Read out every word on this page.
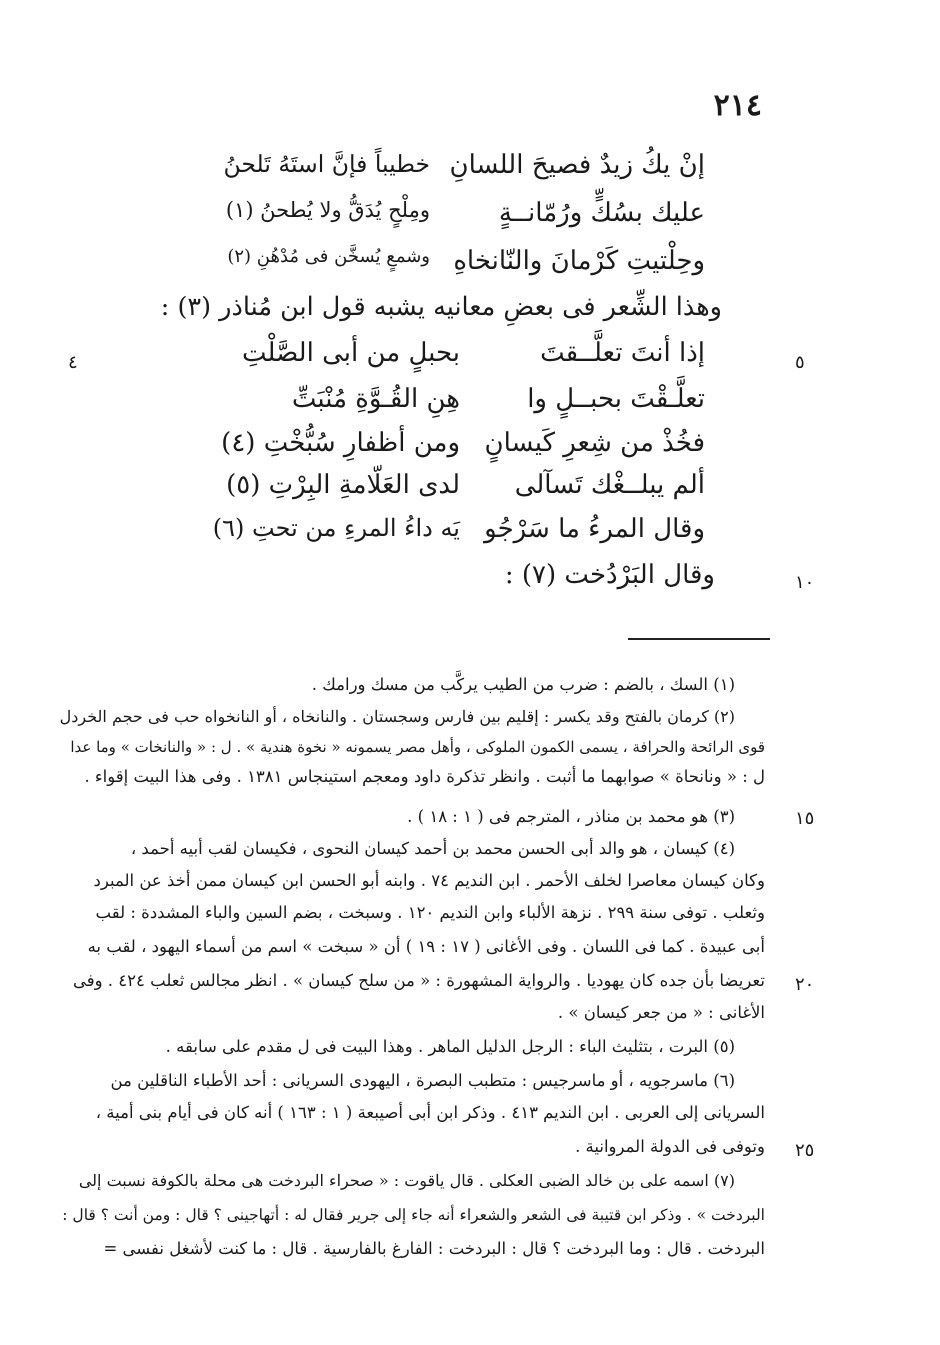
٢١٤
إنْ يكُ زيدٌ فصيحَ اللسانِ
خطيباً فإنَّ استَهُ تَلحنُ
عليك بسُكٍّ ورُمّانــةٍ
ومِلْحٍ يُدَقُّ ولا يُطحنُ (١)
وحِلْتيتِ كَرْمانَ والنّانخاهِ
وشمعٍ يُسخَّن فى مُدْهُنِ (٢)
وهذا الشِّعر فى بعضِ معانيه يشبه قول ابن مُناذر (٣) :
إذا أنتَ تعلَّــقتَ
بحبلٍ من أبى الصَّلْتِ
تعلَّـقْتَ بحبــلٍ وا
هِنِ القُـوَّةِ مُنْبَتِّ
فخُذْ من شِعرِ كَيسانٍ
ومن أظفارِ سُبُّخْتِ (٤)
ألم يبلــغْك تَسآلى
لدى العَلّامةِ البِرْتِ (٥)
وقال المرءُ ما سَرْجُو
يَه داءُ المرءِ من تحتِ (٦)
وقال البَرْدُخت (٧) :
٥
٤
١٠
١٥
٢٠
٢٥
(١) السك ، بالضم : ضرب من الطيب يركَّب من مسك ورامك .
(٢) كرمان بالفتح وقد يكسر : إقليم بين فارس وسجستان . والنانخاه ، أو النانخواه حب فى حجم الخردل
قوى الرائحة والحرافة ، يسمى الكمون الملوكى ، وأهل مصر يسمونه « نخوة هندية » . ل : « والنانخات » وما عدا
ل : « ونانحاة » صوابهما ما أثبت . وانظر تذكرة داود ومعجم استينجاس ١٣٨١ . وفى هذا البيت إقواء .
(٣) هو محمد بن مناذر ، المترجم فى ( ١ : ١٨ ) .
(٤) كيسان ، هو والد أبى الحسن محمد بن أحمد كيسان النحوى ، فكيسان لقب أبيه أحمد ،
وكان كيسان معاصرا لخلف الأحمر . ابن النديم ٧٤ . وابنه أبو الحسن ابن كيسان ممن أخذ عن المبرد
وثعلب . توفى سنة ٢٩٩ . نزهة الألباء وابن النديم ١٢٠ . وسبخت ، بضم السين والباء المشددة : لقب
أبى عبيدة . كما فى اللسان . وفى الأغانى ( ١٧ : ١٩ ) أن « سبخت » اسم من أسماء اليهود ، لقب به
تعريضا بأن جده كان يهوديا . والرواية المشهورة : « من سلح كيسان » . انظر مجالس ثعلب ٤٢٤ . وفى
الأغانى : « من جعر كيسان » .
(٥) البرت ، بتثليث الباء : الرجل الدليل الماهر . وهذا البيت فى ل مقدم على سابقه .
(٦) ماسرجويه ، أو ماسرجيس : متطبب البصرة ، اليهودى السريانى : أحد الأطباء الناقلين من
السريانى إلى العربى . ابن النديم ٤١٣ . وذكر ابن أبى أصيبعة ( ١ : ١٦٣ ) أنه كان فى أيام بنى أمية ،
وتوفى فى الدولة المروانية .
(٧) اسمه على بن خالد الضبى العكلى . قال ياقوت : « صحراء البردخت هى محلة بالكوفة نسبت إلى
البردخت » . وذكر ابن قتيبة فى الشعر والشعراء أنه جاء إلى جرير فقال له : أتهاجينى ؟ قال : ومن أنت ؟ قال :
البردخت . قال : وما البردخت ؟ قال : البردخت : الفارغ بالفارسية . قال : ما كنت لأشغل نفسى =
